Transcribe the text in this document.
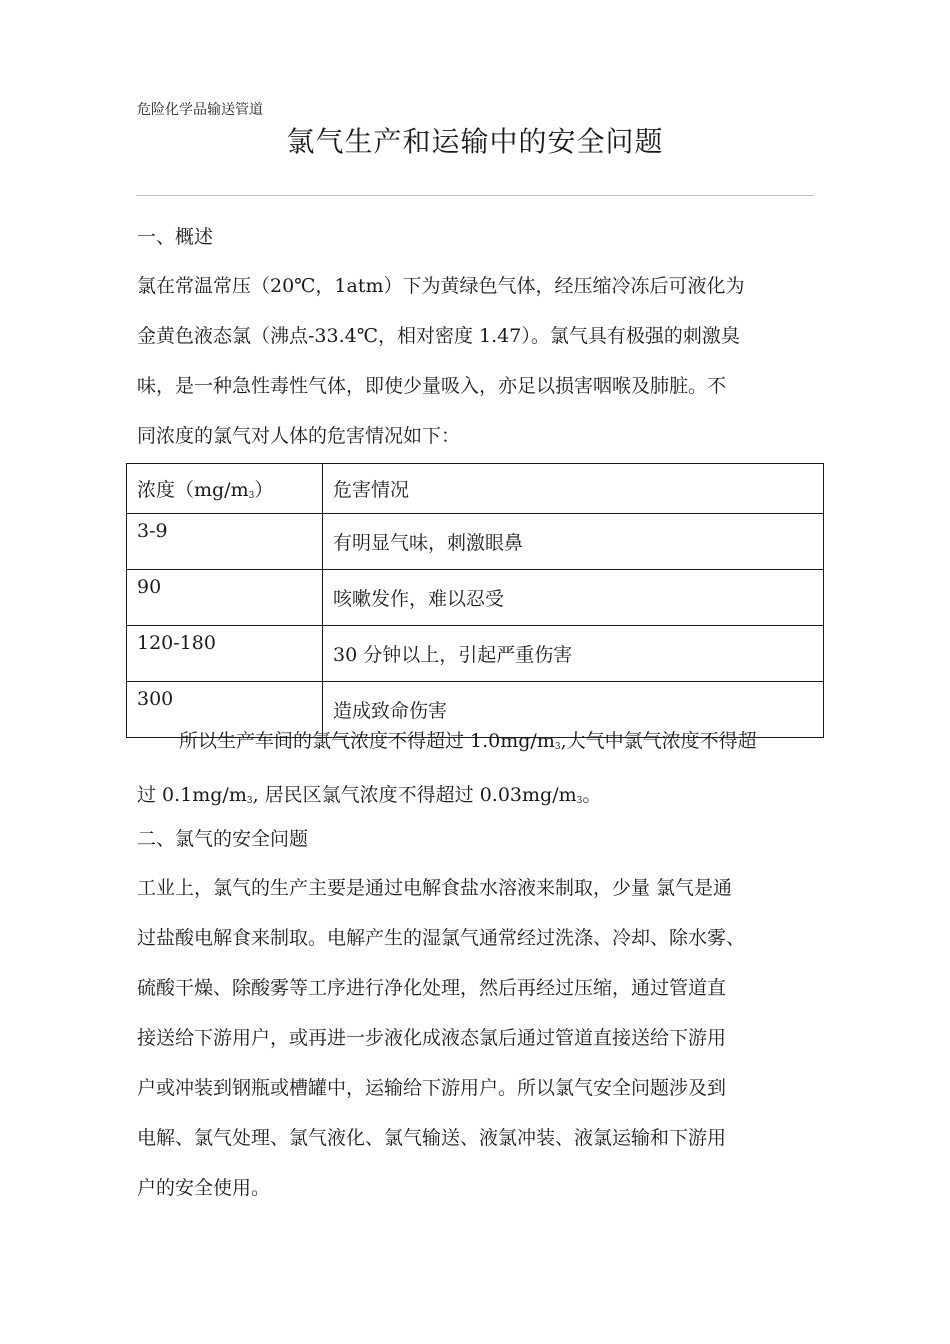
危险化学品输送管道
氯气生产和运输中的安全问题
一、概述
氯在常温常压（20℃，1atm）下为黄绿色气体，经压缩冷冻后可液化为
金黄色液态氯（沸点-33.4℃，相对密度 1.47）。氯气具有极强的刺激臭
味，是一种急性毒性气体，即使少量吸入，亦足以损害咽喉及肺脏。不
同浓度的氯气对人体的危害情况如下：
浓度$(mg/m^3)$	危害情况
3-9	有明显气味，刺激眼鼻
90	咳嗽发作，难以忍受
120-180	30 分钟以上，引起严重伤害
300	造成致命伤害
所以生产车间的氯气浓度不得超过 $1.0mg/m^3$,大气中氯气浓度不得超
过 $0.1mg/m^3$, 居民区氯气浓度不得超过 $0.03mg/m^3$。
二、氯气的安全问题
工业上，氯气的生产主要是通过电解食盐水溶液来制取，少量 氯气是通
过盐酸电解食来制取。电解产生的湿氯气通常经过洗涤、冷却、除水雾、
硫酸干燥、除酸雾等工序进行净化处理，然后再经过压缩，通过管道直
接送给下游用户，或再进一步液化成液态氯后通过管道直接送给下游用
户或冲装到钢瓶或槽罐中，运输给下游用户。所以氯气安全问题涉及到
电解、氯气处理、氯气液化、氯气输送、液氯冲装、液氯运输和下游用
户的安全使用。
